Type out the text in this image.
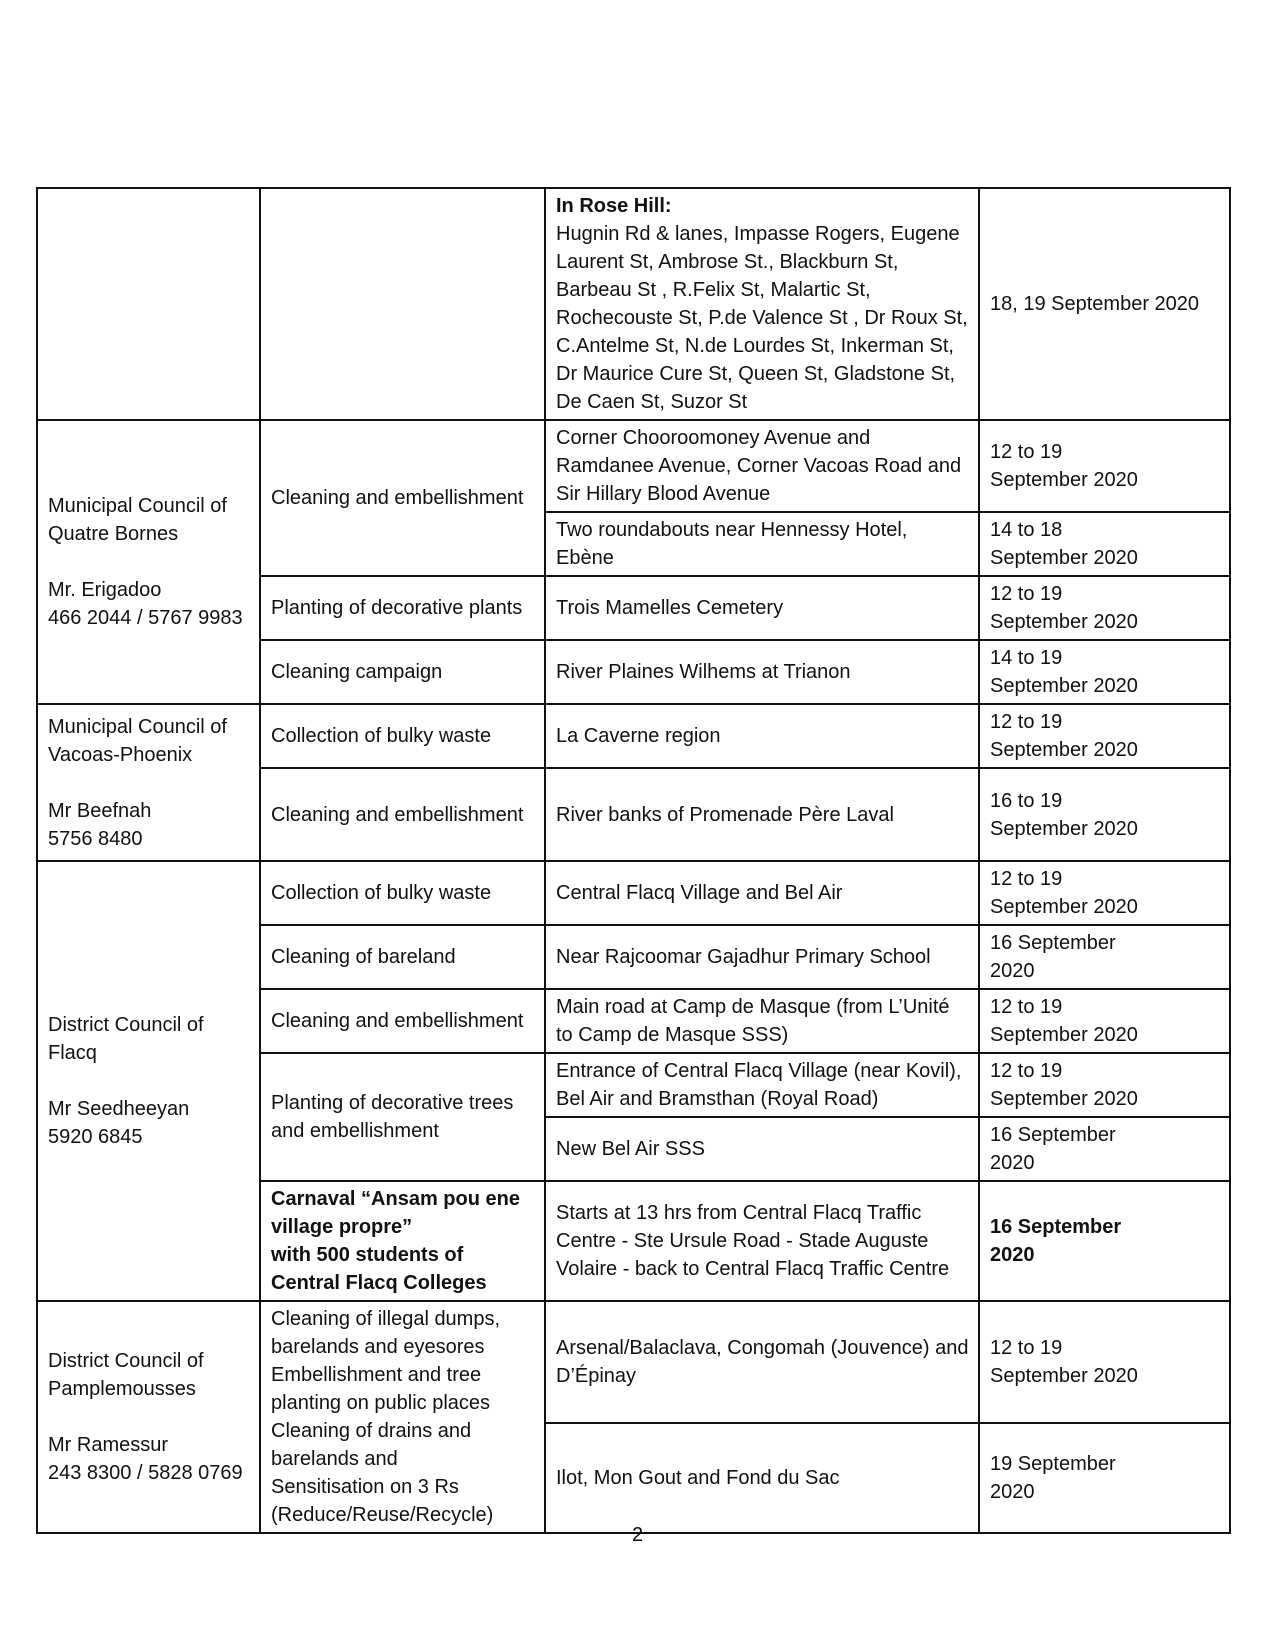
		In Rose Hill:
Hugnin Rd & lanes, Impasse Rogers, Eugene Laurent St, Ambrose St., Blackburn St, Barbeau St , R.Felix St, Malartic St, Rochecouste St, P.de Valence St , Dr Roux St, C.Antelme St, N.de Lourdes St, Inkerman St, Dr Maurice Cure St, Queen St, Gladstone St, De Caen St, Suzor St	18, 19 September 2020
Municipal Council of Quatre Bornes

Mr. Erigadoo
466 2044 / 5767 9983	Cleaning and embellishment	Corner Chooroomoney Avenue and Ramdanee Avenue, Corner Vacoas Road and Sir Hillary Blood Avenue	12 to 19
September 2020
		Two roundabouts near Hennessy Hotel, Ebène	14 to 18
September 2020
	Planting of decorative plants	Trois Mamelles Cemetery	12 to 19
September 2020
	Cleaning campaign	River Plaines Wilhems at Trianon	14 to 19
September 2020
Municipal Council of Vacoas-Phoenix

Mr Beefnah
5756 8480	Collection of bulky waste	La Caverne region	12 to 19
September 2020
	Cleaning and embellishment	River banks of Promenade Père Laval	16 to 19
September 2020
District Council of Flacq

Mr Seedheeyan
5920 6845	Collection of bulky waste	Central Flacq Village and Bel Air	12 to 19
September 2020
	Cleaning of bareland	Near Rajcoomar Gajadhur Primary School	16 September
2020
	Cleaning and embellishment	Main road at Camp de Masque (from L’Unité to Camp de Masque SSS)	12 to 19
September 2020
	Planting of decorative trees and embellishment	Entrance of Central Flacq Village (near Kovil), Bel Air and Bramsthan (Royal Road)	12 to 19
September 2020
		New Bel Air SSS	16 September
2020
	Carnaval “Ansam pou ene village propre”
with 500 students of Central Flacq Colleges	Starts at 13 hrs from Central Flacq Traffic Centre - Ste Ursule Road - Stade Auguste Volaire - back to Central Flacq Traffic Centre	16 September
2020
District Council of Pamplemousses

Mr Ramessur
243 8300 / 5828 0769	Cleaning of illegal dumps, barelands and eyesores
Embellishment and tree planting on public places
Cleaning of drains and barelands and
Sensitisation on 3 Rs (Reduce/Reuse/Recycle)	Arsenal/Balaclava, Congomah (Jouvence) and D’Épinay	12 to 19
September 2020
		Ilot, Mon Gout and Fond du Sac	19 September
2020
2
